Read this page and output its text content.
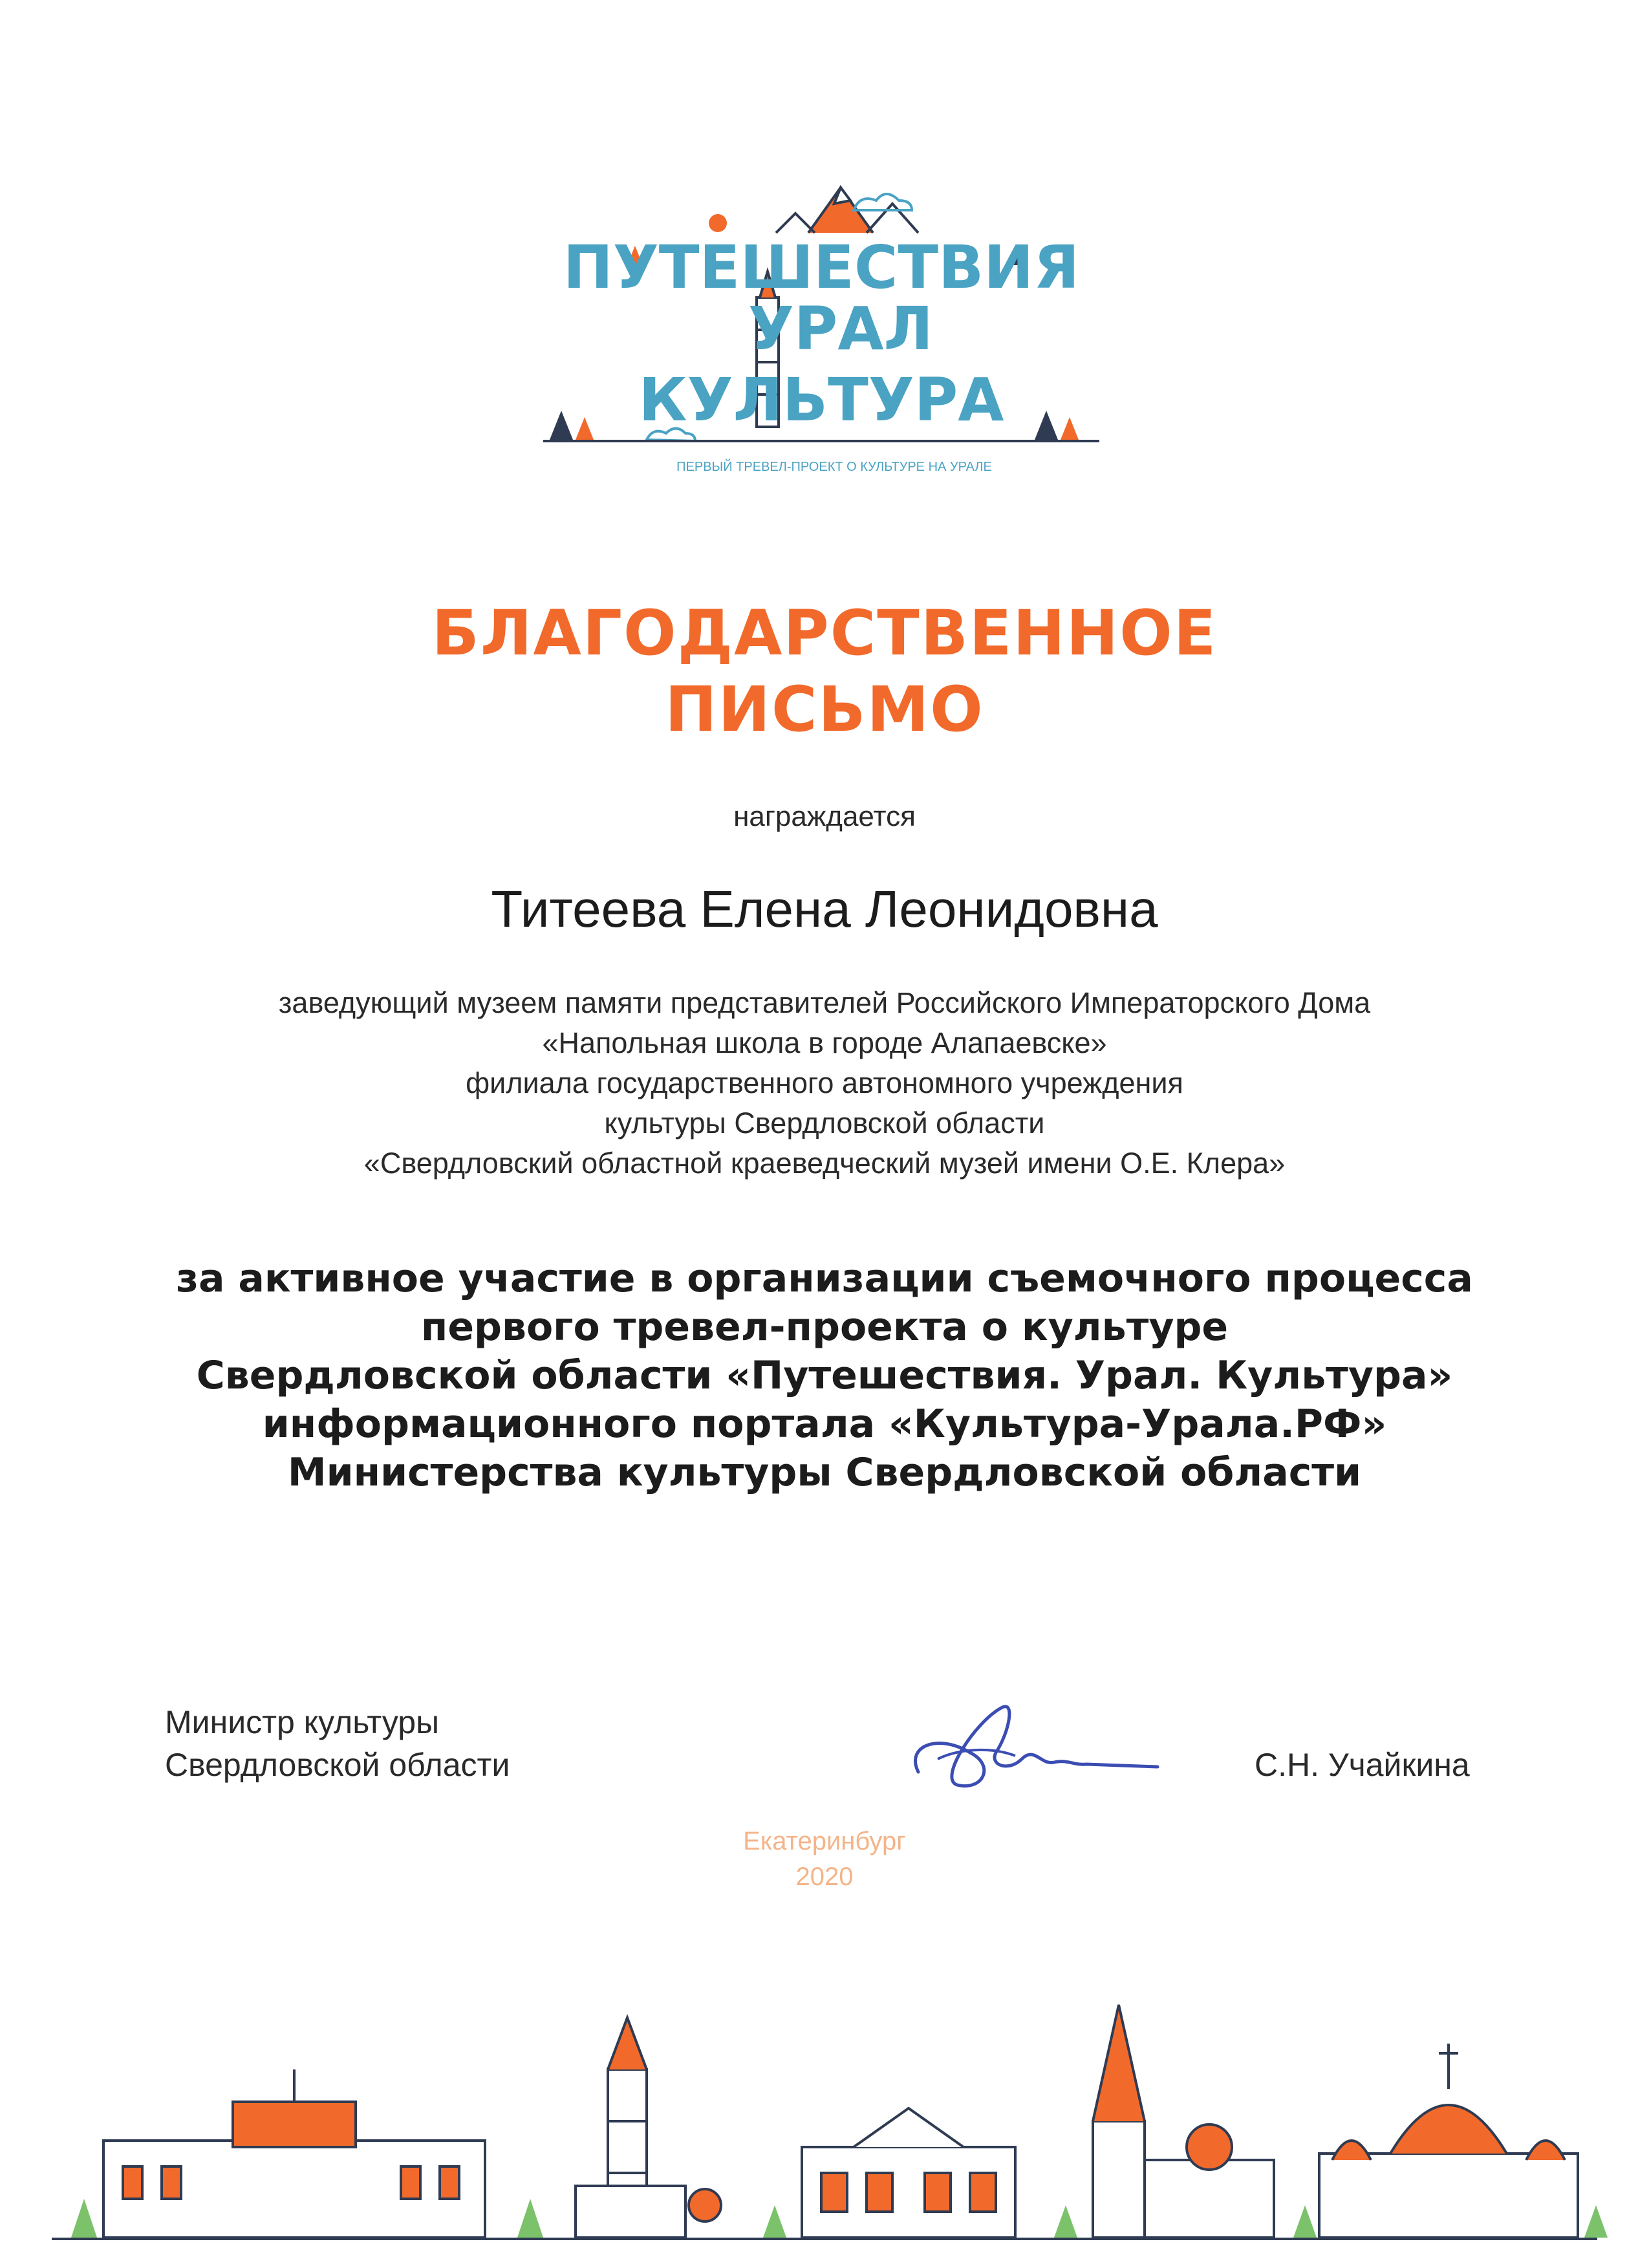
ПУТЕШЕСТВИЯ
УРАЛ
КУЛЬТУРА
ПЕРВЫЙ ТРЕВЕЛ-ПРОЕКТ О КУЛЬТУРЕ НА УРАЛЕ
БЛАГОДАРСТВЕННОЕ
ПИСЬМО
награждается
Титеева Елена Леонидовна
заведующий музеем памяти представителей Российского Императорского Дома
«Напольная школа в городе Алапаевске»
филиала государственного автономного учреждения
культуры Свердловской области
«Свердловский областной краеведческий музей имени О.Е. Клера»
за активное участие в организации съемочного процесса
первого тревел-проекта о культуре
Свердловской области «Путешествия. Урал. Культура»
информационного портала «Культура-Урала.РФ»
Министерства культуры Свердловской области
Министр культуры
Свердловской области	С.Н. Учайкина
Екатеринбург
2020
